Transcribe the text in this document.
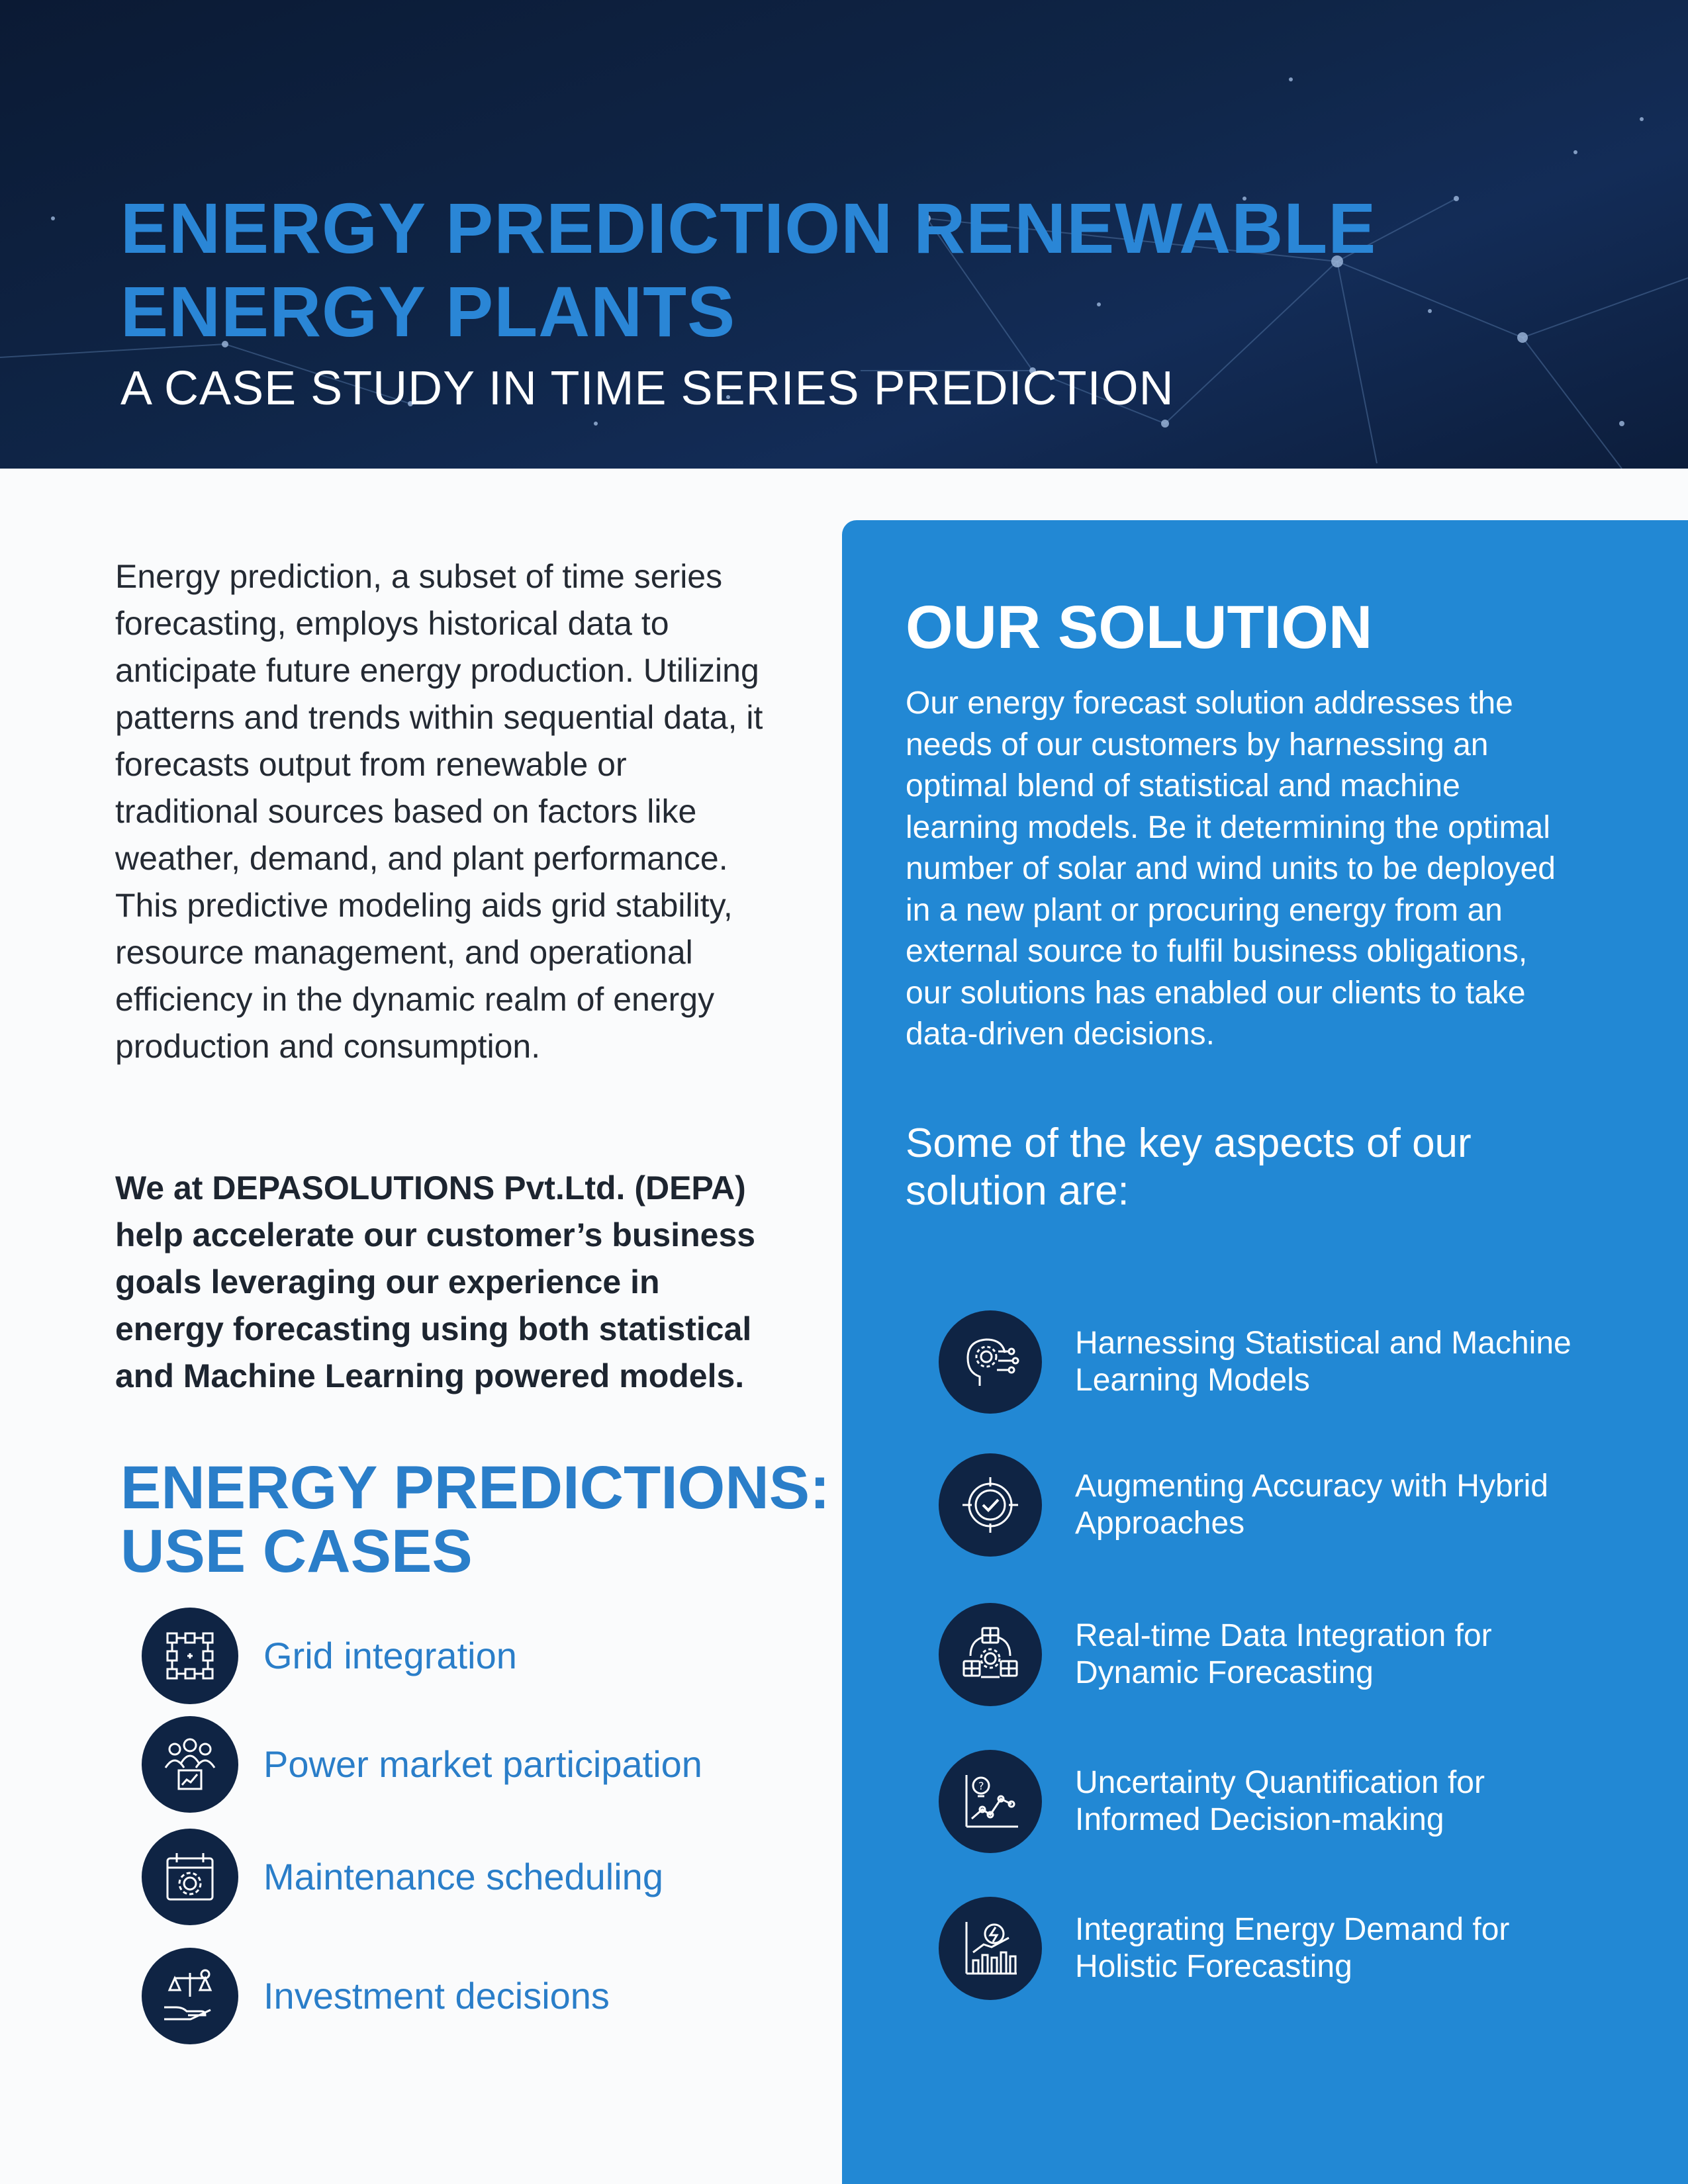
ENERGY PREDICTION RENEWABLE ENERGY PLANTS

A CASE STUDY IN TIME SERIES PREDICTION

Energy prediction, a subset of time series forecasting, employs historical data to anticipate future energy production. Utilizing patterns and trends within sequential data, it forecasts output from renewable or traditional sources based on factors like weather, demand, and plant performance. This predictive modeling aids grid stability, resource management, and operational efficiency in the dynamic realm of energy production and consumption.

We at DEPASOLUTIONS Pvt.Ltd. (DEPA) help accelerate our customer’s business goals leveraging our experience in energy forecasting using both statistical and Machine Learning powered models.

ENERGY PREDICTIONS: USE CASES
Grid integration
Power market participation
Maintenance scheduling
Investment decisions
OUR SOLUTION

Our energy forecast solution addresses the needs of our customers by harnessing an optimal blend of statistical and machine learning models. Be it determining the optimal number of solar and wind units to be deployed in a new plant or procuring energy from an external source to fulfil business obligations, our solutions has enabled our clients to take data-driven decisions.

Some of the key aspects of our solution are:

Harnessing Statistical and Machine Learning Models
Augmenting Accuracy with Hybrid Approaches
Real-time Data Integration for Dynamic Forecasting
?	Uncertainty Quantification for Informed Decision-making
Integrating Energy Demand for Holistic Forecasting
